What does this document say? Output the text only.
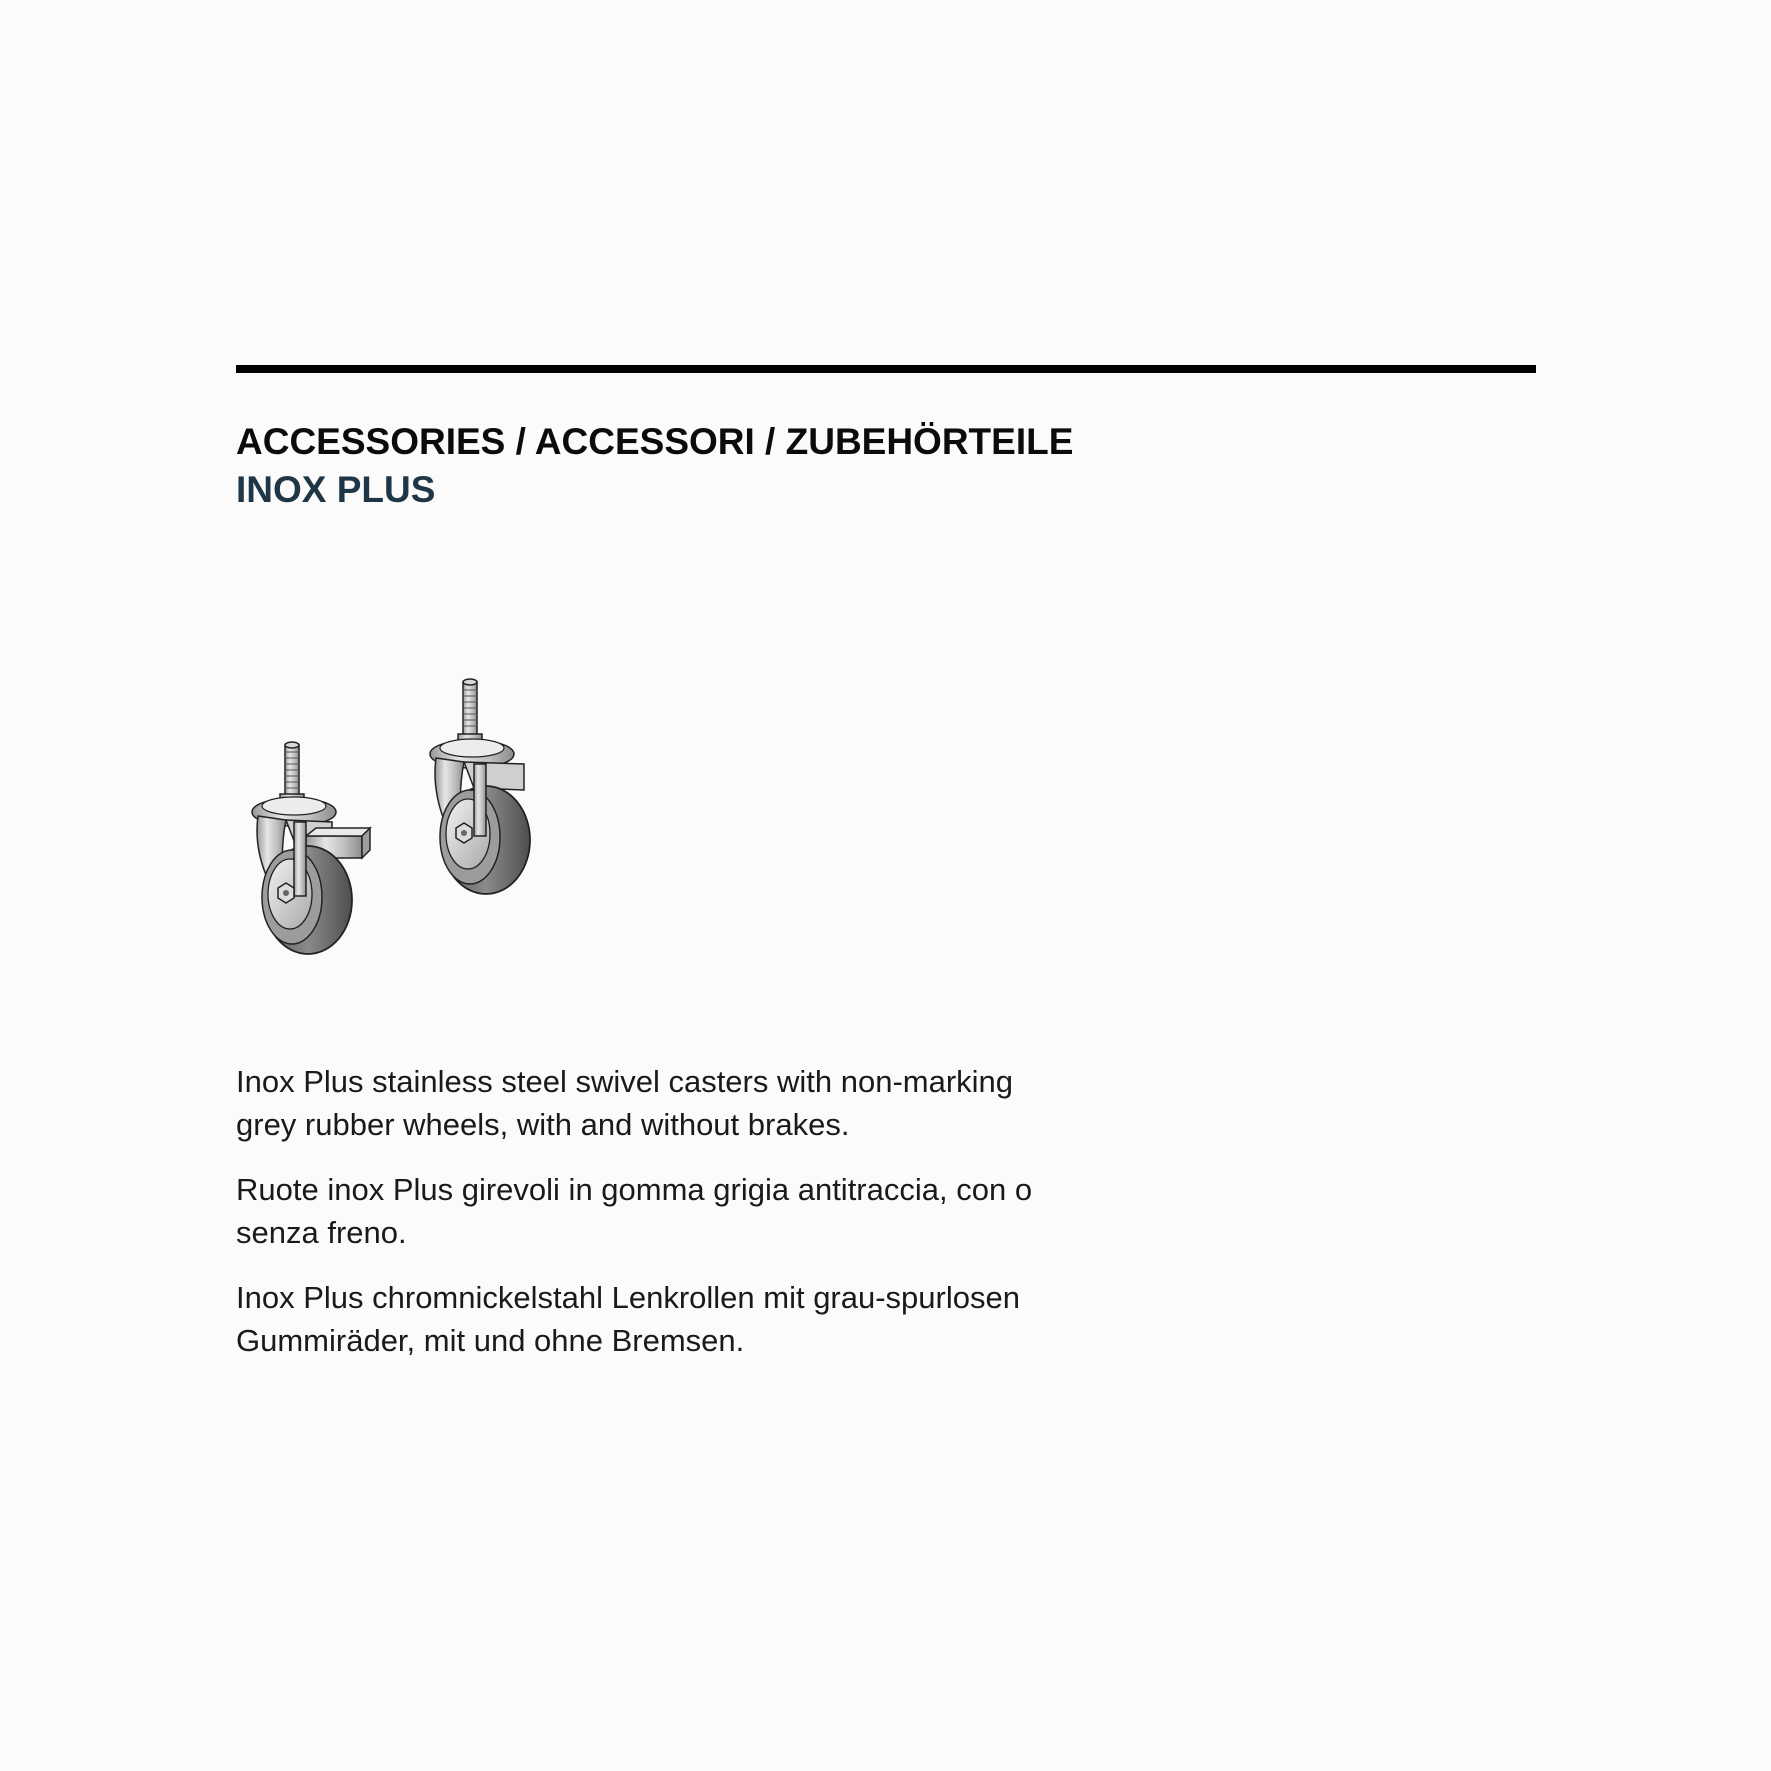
ACCESSORIES / ACCESSORI / ZUBEHÖRTEILE
INOX PLUS

Inox Plus stainless steel swivel casters with non-marking grey rubber wheels, with and without brakes.

Ruote inox Plus girevoli in gomma grigia antitraccia, con o senza freno.

Inox Plus chromnickelstahl Lenkrollen mit grau-spurlosen Gummiräder, mit und ohne Bremsen.
